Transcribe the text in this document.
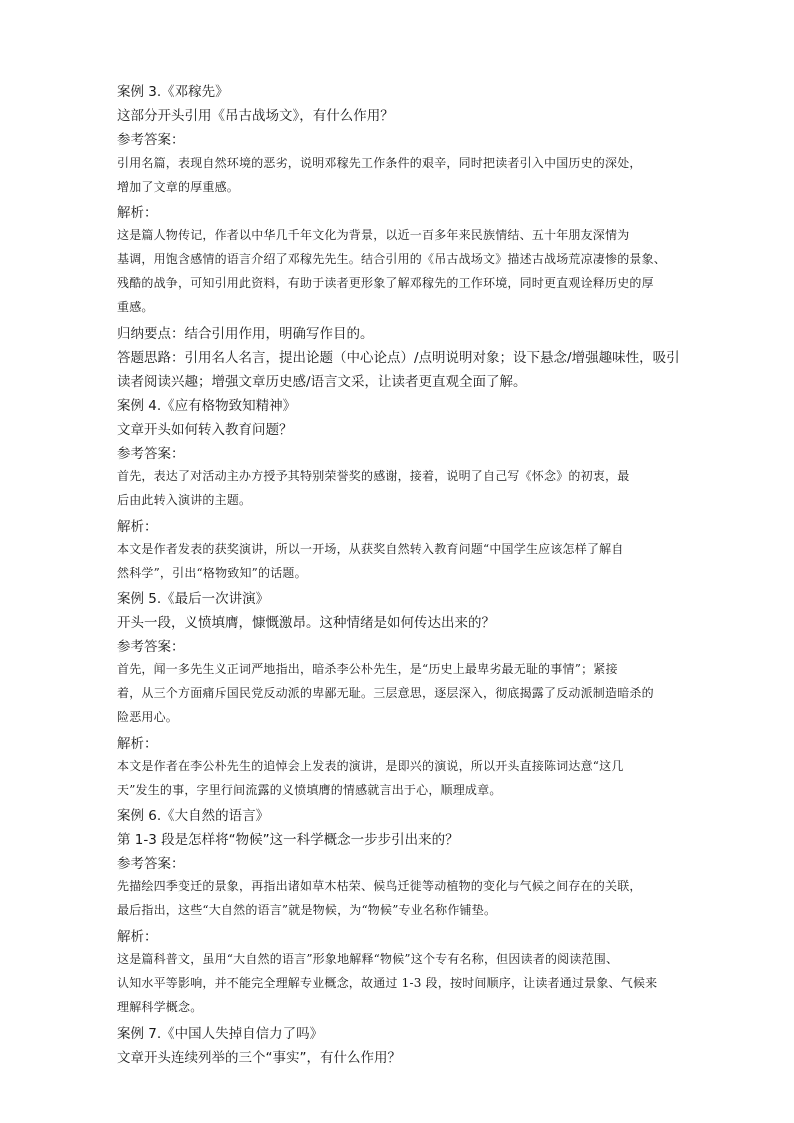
案例 3.《邓稼先》
这部分开头引用《吊古战场文》，有什么作用？
参考答案：
引用名篇，表现自然环境的恶劣，说明邓稼先工作条件的艰辛，同时把读者引入中国历史的深处，
增加了文章的厚重感。
解析：
这是篇人物传记，作者以中华几千年文化为背景，以近一百多年来民族情结、五十年朋友深情为
基调，用饱含感情的语言介绍了邓稼先先生。结合引用的《吊古战场文》描述古战场荒凉凄惨的景象、
残酷的战争，可知引用此资料，有助于读者更形象了解邓稼先的工作环境，同时更直观诠释历史的厚
重感。
归纳要点：结合引用作用，明确写作目的。
答题思路：引用名人名言，提出论题（中心论点）/点明说明对象；设下悬念/增强趣味性，吸引
读者阅读兴趣；增强文章历史感/语言文采，让读者更直观全面了解。
案例 4.《应有格物致知精神》
文章开头如何转入教育问题？
参考答案：
首先，表达了对活动主办方授予其特别荣誉奖的感谢，接着，说明了自己写《怀念》的初衷，最
后由此转入演讲的主题。
解析：
本文是作者发表的获奖演讲，所以一开场，从获奖自然转入教育问题“中国学生应该怎样了解自
然科学”，引出“格物致知”的话题。
案例 5.《最后一次讲演》
开头一段，义愤填膺，慷慨激昂。这种情绪是如何传达出来的？
参考答案：
首先，闻一多先生义正词严地指出，暗杀李公朴先生，是“历史上最卑劣最无耻的事情”；紧接
着，从三个方面痛斥国民党反动派的卑鄙无耻。三层意思，逐层深入，彻底揭露了反动派制造暗杀的
险恶用心。
解析：
本文是作者在李公朴先生的追悼会上发表的演讲，是即兴的演说，所以开头直接陈词达意“这几
天”发生的事，字里行间流露的义愤填膺的情感就言出于心，顺理成章。
案例 6.《大自然的语言》
第 1-3 段是怎样将“物候”这一科学概念一步步引出来的？
参考答案：
先描绘四季变迁的景象，再指出诸如草木枯荣、候鸟迁徙等动植物的变化与气候之间存在的关联，
最后指出，这些“大自然的语言”就是物候，为“物候”专业名称作铺垫。
解析：
这是篇科普文，虽用“大自然的语言”形象地解释“物候”这个专有名称，但因读者的阅读范围、
认知水平等影响，并不能完全理解专业概念，故通过 1-3 段，按时间顺序，让读者通过景象、气候来
理解科学概念。
案例 7.《中国人失掉自信力了吗》
文章开头连续列举的三个“事实”，有什么作用？
